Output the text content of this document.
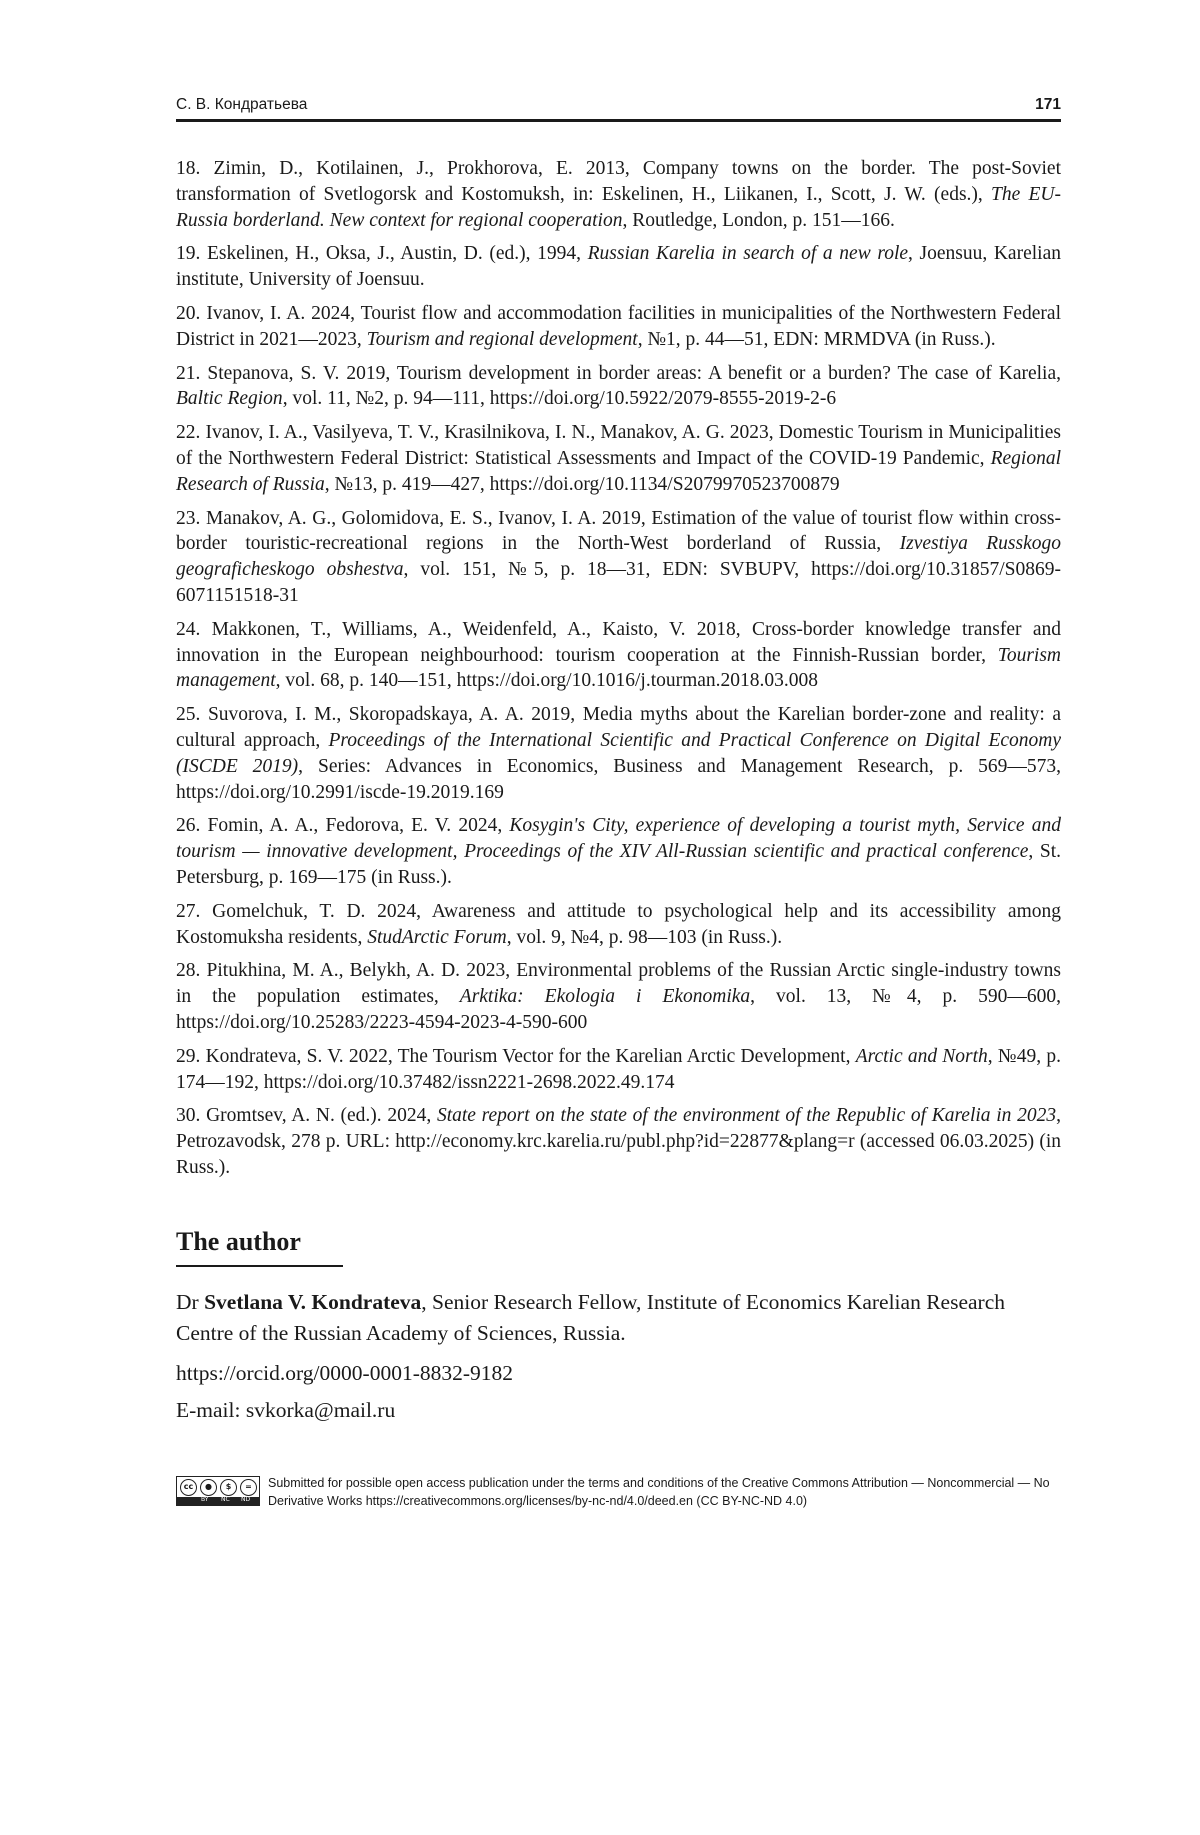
С. В. Кондратьева	171

18. Zimin, D., Kotilainen, J., Prokhorova, E. 2013, Company towns on the border. The post-Soviet transformation of Svetlogorsk and Kostomuksh, in: Eskelinen, H., Liikanen, I., Scott, J. W. (eds.), The EU-Russia borderland. New context for regional cooperation, Routledge, London, p. 151—166.

19. Eskelinen, H., Oksa, J., Austin, D. (ed.), 1994, Russian Karelia in search of a new role, Joensuu, Karelian institute, University of Joensuu.

20. Ivanov, I. A. 2024, Tourist flow and accommodation facilities in municipalities of the Northwestern Federal District in 2021—2023, Tourism and regional development, №1, p. 44—51, EDN: MRMDVA (in Russ.).

21. Stepanova, S. V. 2019, Tourism development in border areas: A benefit or a burden? The case of Karelia, Baltic Region, vol. 11, №2, p. 94—111, https://doi.org/10.5922/2079-8555-2019-2-6

22. Ivanov, I. A., Vasilyeva, T. V., Krasilnikova, I. N., Manakov, A. G. 2023, Domestic Tourism in Municipalities of the Northwestern Federal District: Statistical Assessments and Impact of the COVID-19 Pandemic, Regional Research of Russia, №13, p. 419—427, https://doi.org/10.1134/S2079970523700879

23. Manakov, A. G., Golomidova, E. S., Ivanov, I. A. 2019, Estimation of the value of tourist flow within cross-border touristic-recreational regions in the North-West borderland of Russia, Izvestiya Russkogo geograficheskogo obshestva, vol. 151, №5, p. 18—31, EDN: SVBUPV, https://doi.org/10.31857/S0869-6071151518-31

24. Makkonen, T., Williams, A., Weidenfeld, A., Kaisto, V. 2018, Cross-border knowledge transfer and innovation in the European neighbourhood: tourism cooperation at the Finnish-Russian border, Tourism management, vol. 68, p. 140—151, https://doi.org/10.1016/j.tourman.2018.03.008

25. Suvorova, I. M., Skoropadskaya, A. A. 2019, Media myths about the Karelian border-zone and reality: a cultural approach, Proceedings of the International Scientific and Practical Conference on Digital Economy (ISCDE 2019), Series: Advances in Economics, Business and Management Research, p. 569—573, https://doi.org/10.2991/iscde-19.2019.169

26. Fomin, A. A., Fedorova, E. V. 2024, Kosygin's City, experience of developing a tourist myth, Service and tourism — innovative development, Proceedings of the XIV All-Russian scientific and practical conference, St. Petersburg, p. 169—175 (in Russ.).

27. Gomelchuk, T. D. 2024, Awareness and attitude to psychological help and its accessibility among Kostomuksha residents, StudArctic Forum, vol. 9, №4, p. 98—103 (in Russ.).

28. Pitukhina, M. A., Belykh, A. D. 2023, Environmental problems of the Russian Arctic single-industry towns in the population estimates, Arktika: Ekologia i Ekonomika, vol. 13, №4, p. 590—600, https://doi.org/10.25283/2223-4594-2023-4-590-600

29. Kondrateva, S. V. 2022, The Tourism Vector for the Karelian Arctic Development, Arctic and North, №49, p. 174—192, https://doi.org/10.37482/issn2221-2698.2022.49.174

30. Gromtsev, A. N. (ed.). 2024, State report on the state of the environment of the Republic of Karelia in 2023, Petrozavodsk, 278 p. URL: http://economy.krc.karelia.ru/publ.php?id=22877&plang=r (accessed 06.03.2025) (in Russ.).

The author
Dr Svetlana V. Kondrateva, Senior Research Fellow, Institute of Economics Karelian Research Centre of the Russian Academy of Sciences, Russia.
https://orcid.org/0000-0001-8832-9182
E-mail: svkorka@mail.ru
cc	●	$	=
BY NC ND
Submitted for possible open access publication under the terms and conditions of the Creative Commons Attribution — Noncommercial — No Derivative Works https://creativecommons.org/licenses/by-nc-nd/4.0/deed.en (CC BY-NC-ND 4.0)
